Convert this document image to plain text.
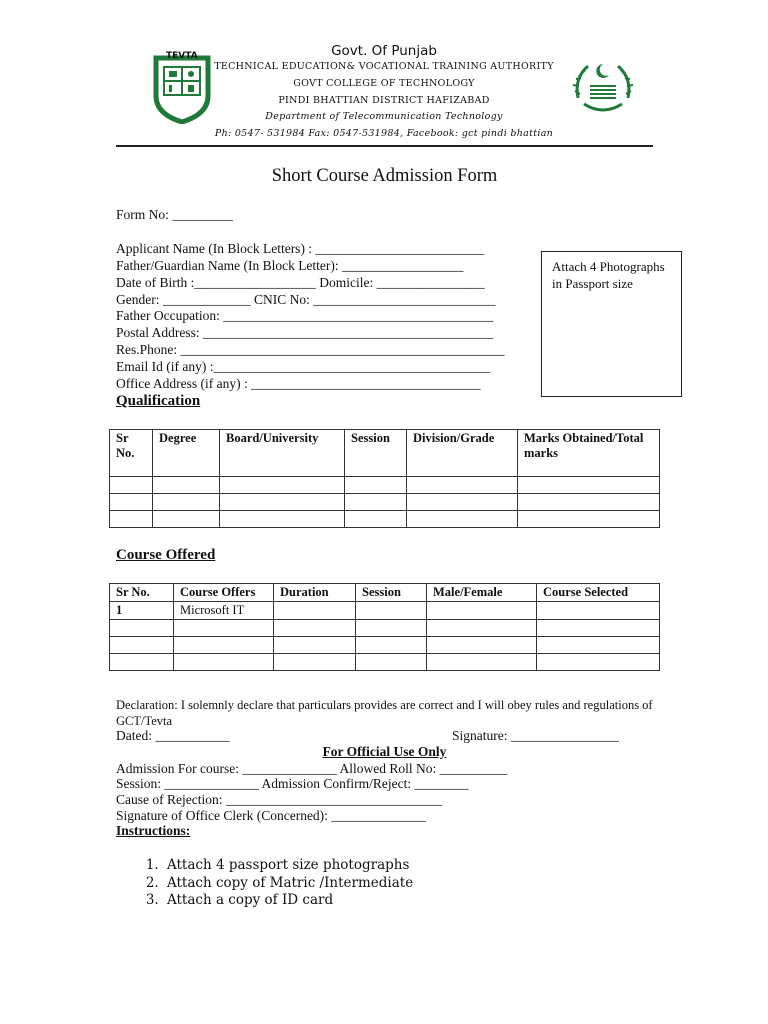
TEVTA	Govt. Of Punjab
TECHNICAL EDUCATION& VOCATIONAL TRAINING AUTHORITY
GOVT COLLEGE OF TECHNOLOGY
PINDI BHATTIAN DISTRICT HAFIZABAD
Department of Telecommunication Technology
Ph: 0547- 531984 Fax: 0547-531984, Facebook: gct pindi bhattian
Short Course Admission Form
Form No: _________
Applicant Name (In Block Letters) : _________________________
Father/Guardian Name (In Block Letter): __________________
Date of Birth :__________________ Domicile: ________________
Gender: _____________ CNIC No: ___________________________
Father Occupation: ________________________________________
Postal Address: ___________________________________________
Res.Phone: ________________________________________________
Email Id (if any) :_________________________________________
Office Address (if any) : __________________________________
Attach 4 Photographs in Passport size
Qualification
Sr No.	Degree	Board/University	Session	Division/Grade	Marks Obtained/Total marks

Course Offered
Sr No.	Course Offers	Duration	Session	Male/Female	Course Selected
1	Microsoft IT				

Declaration: I solemnly declare that particulars provides are correct and I will obey rules and regulations of GCT/Tevta
Dated: ___________	Signature: ________________
For Official Use Only
Admission For course: ______________ Allowed Roll No: __________
Session: ______________ Admission Confirm/Reject: ________
Cause of Rejection: ________________________________
Signature of Office Clerk (Concerned): ______________
Instructions:
1. Attach 4 passport size photographs
2. Attach copy of Matric /Intermediate
3. Attach a copy of ID card
